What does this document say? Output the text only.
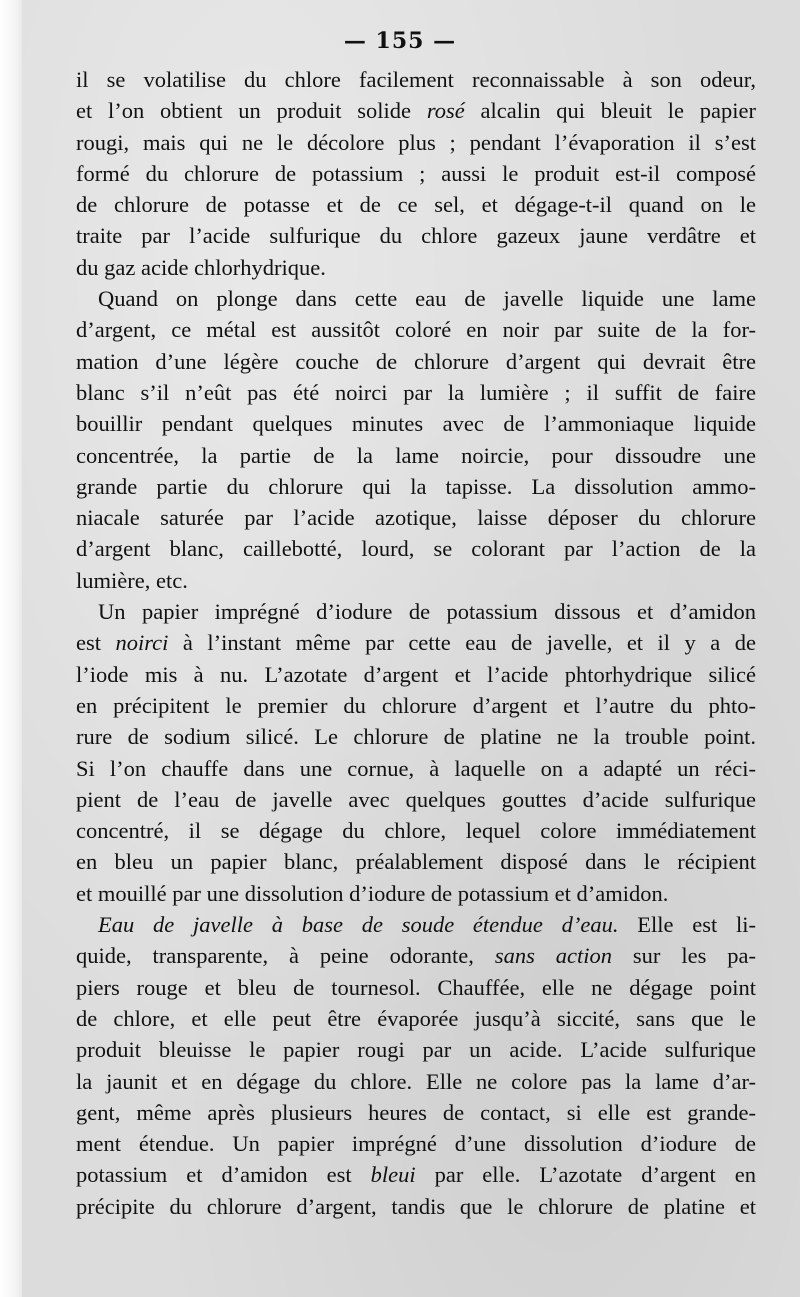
— 155 —
il se volatilise du chlore facilement reconnaissable à son odeur,
et l’on obtient un produit solide rosé alcalin qui bleuit le papier
rougi, mais qui ne le décolore plus ; pendant l’évaporation il s’est
formé du chlorure de potassium ; aussi le produit est-il composé
de chlorure de potasse et de ce sel, et dégage-t-il quand on le
traite par l’acide sulfurique du chlore gazeux jaune verdâtre et
du gaz acide chlorhydrique.
Quand on plonge dans cette eau de javelle liquide une lame
d’argent, ce métal est aussitôt coloré en noir par suite de la for-
mation d’une légère couche de chlorure d’argent qui devrait être
blanc s’il n’eût pas été noirci par la lumière ; il suffit de faire
bouillir pendant quelques minutes avec de l’ammoniaque liquide
concentrée, la partie de la lame noircie, pour dissoudre une
grande partie du chlorure qui la tapisse. La dissolution ammo-
niacale saturée par l’acide azotique, laisse déposer du chlorure
d’argent blanc, caillebotté, lourd, se colorant par l’action de la
lumière, etc.
Un papier imprégné d’iodure de potassium dissous et d’amidon
est noirci à l’instant même par cette eau de javelle, et il y a de
l’iode mis à nu. L’azotate d’argent et l’acide phtorhydrique silicé
en précipitent le premier du chlorure d’argent et l’autre du phto-
rure de sodium silicé. Le chlorure de platine ne la trouble point.
Si l’on chauffe dans une cornue, à laquelle on a adapté un réci-
pient de l’eau de javelle avec quelques gouttes d’acide sulfurique
concentré, il se dégage du chlore, lequel colore immédiatement
en bleu un papier blanc, préalablement disposé dans le récipient
et mouillé par une dissolution d’iodure de potassium et d’amidon.
Eau de javelle à base de soude étendue d’eau. Elle est li-
quide, transparente, à peine odorante, sans action sur les pa-
piers rouge et bleu de tournesol. Chauffée, elle ne dégage point
de chlore, et elle peut être évaporée jusqu’à siccité, sans que le
produit bleuisse le papier rougi par un acide. L’acide sulfurique
la jaunit et en dégage du chlore. Elle ne colore pas la lame d’ar-
gent, même après plusieurs heures de contact, si elle est grande-
ment étendue. Un papier imprégné d’une dissolution d’iodure de
potassium et d’amidon est bleui par elle. L’azotate d’argent en
précipite du chlorure d’argent, tandis que le chlorure de platine et
